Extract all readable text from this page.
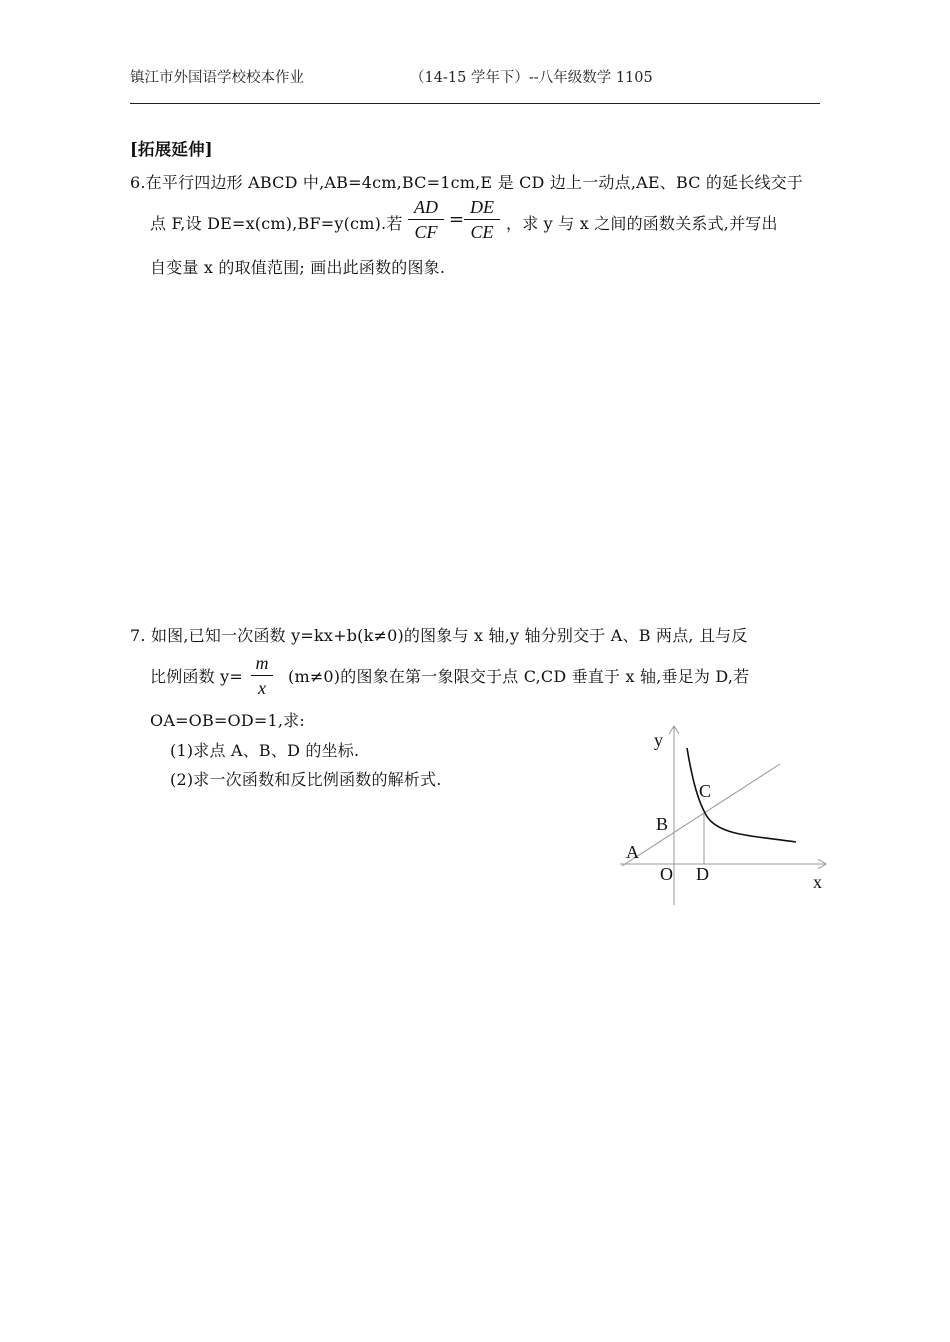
镇江市外国语学校校本作业	（14-15 学年下）--八年级数学 1105
[拓展延伸]
6.在平行四边形 ABCD 中,AB=4cm,BC=1cm,E 是 CD 边上一动点,AE、BC 的延长线交于
点 F,设 DE=x(cm),BF=y(cm).若
AD
CF
=
DE
CE ，求 y 与 x 之间的函数关系式,并写出
自变量 x 的取值范围; 画出此函数的图象.
7. 如图,已知一次函数 y=kx+b(k≠0)的图象与 x 轴,y 轴分别交于 A、B 两点, 且与反
比例函数 y=
m
x
(m≠0)的图象在第一象限交于点 C,CD 垂直于 x 轴,垂足为 D,若
OA=OB=OD=1,求:
(1)求点 A、B、D 的坐标.
(2)求一次函数和反比例函数的解析式.
y
x
O
A
B
C
D
